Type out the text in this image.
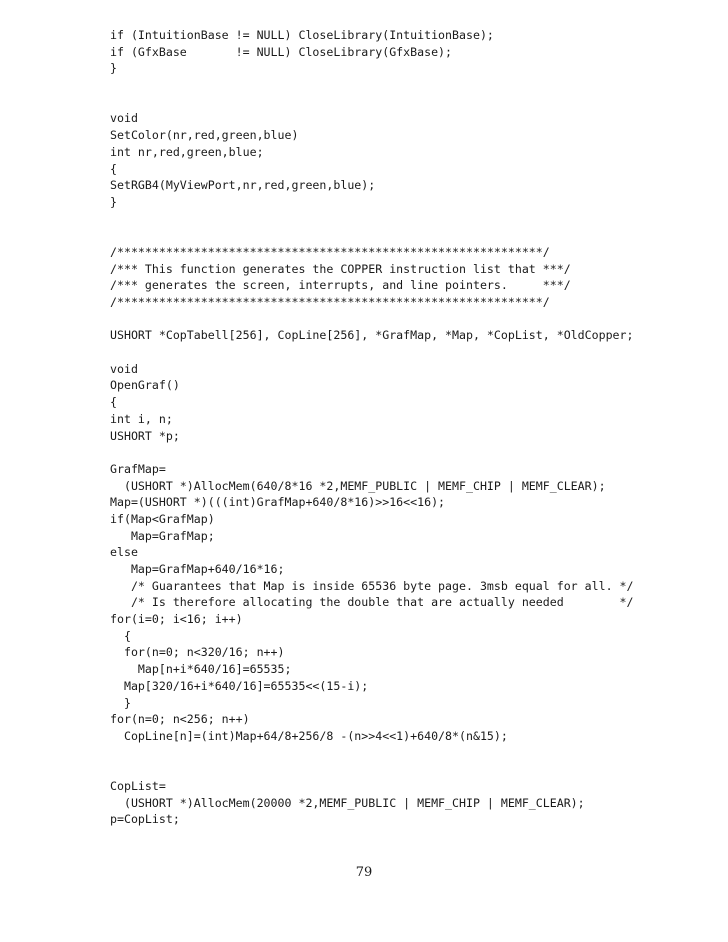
if (IntuitionBase != NULL) CloseLibrary(IntuitionBase);
if (GfxBase       != NULL) CloseLibrary(GfxBase);
}

void
SetColor(nr,red,green,blue)
int nr,red,green,blue;
{
SetRGB4(MyViewPort,nr,red,green,blue);
}

/*************************************************************/
/*** This function generates the COPPER instruction list that ***/
/*** generates the screen, interrupts, and line pointers.     ***/
/*************************************************************/

USHORT *CopTabell[256], CopLine[256], *GrafMap, *Map, *CopList, *OldCopper;

void
OpenGraf()
{
int i, n;
USHORT *p;

GrafMap=
(USHORT *)AllocMem(640/8*16 *2,MEMF_PUBLIC | MEMF_CHIP | MEMF_CLEAR);
Map=(USHORT *)(((int)GrafMap+640/8*16)>>16<<16);
if(Map<GrafMap)
Map=GrafMap;
else
Map=GrafMap+640/16*16;
/* Guarantees that Map is inside 65536 byte page. 3msb equal for all. */
/* Is therefore allocating the double that are actually needed        */
for(i=0; i<16; i++)
{
for(n=0; n<320/16; n++)
Map[n+i*640/16]=65535;
Map[320/16+i*640/16]=65535<<(15-i);
}
for(n=0; n<256; n++)
CopLine[n]=(int)Map+64/8+256/8 -(n>>4<<1)+640/8*(n&15);

CopList=
(USHORT *)AllocMem(20000 *2,MEMF_PUBLIC | MEMF_CHIP | MEMF_CLEAR);
p=CopList;
79
